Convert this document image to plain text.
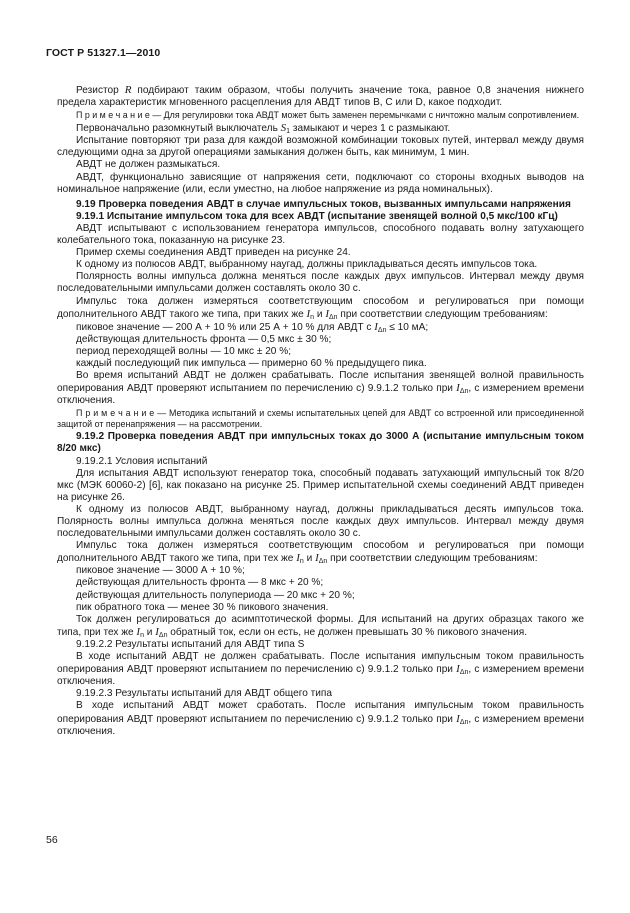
ГОСТ Р 51327.1—2010

Резистор R подбирают таким образом, чтобы получить значение тока, равное 0,8 значения нижнего предела характеристик мгновенного расцепления для АВДТ типов В, С или D, какое подходит.

П р и м е ч а н и е — Для регулировки тока АВДТ может быть заменен перемычками с ничтожно малым сопротивлением.

Первоначально разомкнутый выключатель $S_1$ замыкают и через 1 с размыкают.

Испытание повторяют три раза для каждой возможной комбинации токовых путей, интервал между двумя следующими одна за другой операциями замыкания должен быть, как минимум, 1 мин.

АВДТ не должен размыкаться.

АВДТ, функционально зависящие от напряжения сети, подключают со стороны входных выводов на номинальное напряжение (или, если уместно, на любое напряжение из ряда номинальных).

9.19 Проверка поведения АВДТ в случае импульсных токов, вызванных импульсами напряжения

9.19.1 Испытание импульсом тока для всех АВДТ (испытание звенящей волной 0,5 мкс/100 кГц)

АВДТ испытывают с использованием генератора импульсов, способного подавать волну затухающего колебательного тока, показанную на рисунке 23.

Пример схемы соединения АВДТ приведен на рисунке 24.

К одному из полюсов АВДТ, выбранному наугад, должны прикладываться десять импульсов тока.

Полярность волны импульса должна меняться после каждых двух импульсов. Интервал между двумя последовательными импульсами должен составлять около 30 с.

Импульс тока должен измеряться соответствующим способом и регулироваться при помощи дополнительного АВДТ такого же типа, при таких же $I_n$ и $I_{\Delta n}$ при соответствии следующим требованиям:

пиковое значение — 200 А + 10 % или 25 А + 10 % для АВДТ с $I_{\Delta n} \le 10$ мА;

действующая длительность фронта — 0,5 мкс ± 30 %;

период переходящей волны — 10 мкс ± 20 %;

каждый последующий пик импульса — примерно 60 % предыдущего пика.

Во время испытаний АВДТ не должен срабатывать. После испытания звенящей волной правильность оперирования АВДТ проверяют испытанием по перечислению с) 9.9.1.2 только при $I_{\Delta n}$, с измерением времени отключения.

П р и м е ч а н и е — Методика испытаний и схемы испытательных цепей для АВДТ со встроенной или присоединенной защитой от перенапряжения — на рассмотрении.

9.19.2 Проверка поведения АВДТ при импульсных токах до 3000 А (испытание импульсным током 8/20 мкс)

9.19.2.1 Условия испытаний

Для испытания АВДТ используют генератор тока, способный подавать затухающий импульсный ток 8/20 мкс (МЭК 60060-2) [6], как показано на рисунке 25. Пример испытательной схемы соединений АВДТ приведен на рисунке 26.

К одному из полюсов АВДТ, выбранному наугад, должны прикладываться десять импульсов тока. Полярность волны импульса должна меняться после каждых двух импульсов. Интервал между двумя последовательными импульсами должен составлять около 30 с.

Импульс тока должен измеряться соответствующим способом и регулироваться при помощи дополнительного АВДТ такого же типа, при тех же $I_n$ и $I_{\Delta n}$ при соответствии следующим требованиям:

пиковое значение — 3000 А + 10 %;

действующая длительность фронта — 8 мкс + 20 %;

действующая длительность полупериода — 20 мкс + 20 %;

пик обратного тока — менее 30 % пикового значения.

Ток должен регулироваться до асимптотической формы. Для испытаний на других образцах такого же типа, при тех же $I_n$ и $I_{\Delta n}$ обратный ток, если он есть, не должен превышать 30 % пикового значения.

9.19.2.2 Результаты испытаний для АВДТ типа S

В ходе испытаний АВДТ не должен срабатывать. После испытания импульсным током правильность оперирования АВДТ проверяют испытанием по перечислению с) 9.9.1.2 только при $I_{\Delta n}$, с измерением времени отключения.

9.19.2.3 Результаты испытаний для АВДТ общего типа

В ходе испытаний АВДТ может сработать. После испытания импульсным током правильность оперирования АВДТ проверяют испытанием по перечислению с) 9.9.1.2 только при $I_{\Delta n}$, с измерением времени отключения.

56
